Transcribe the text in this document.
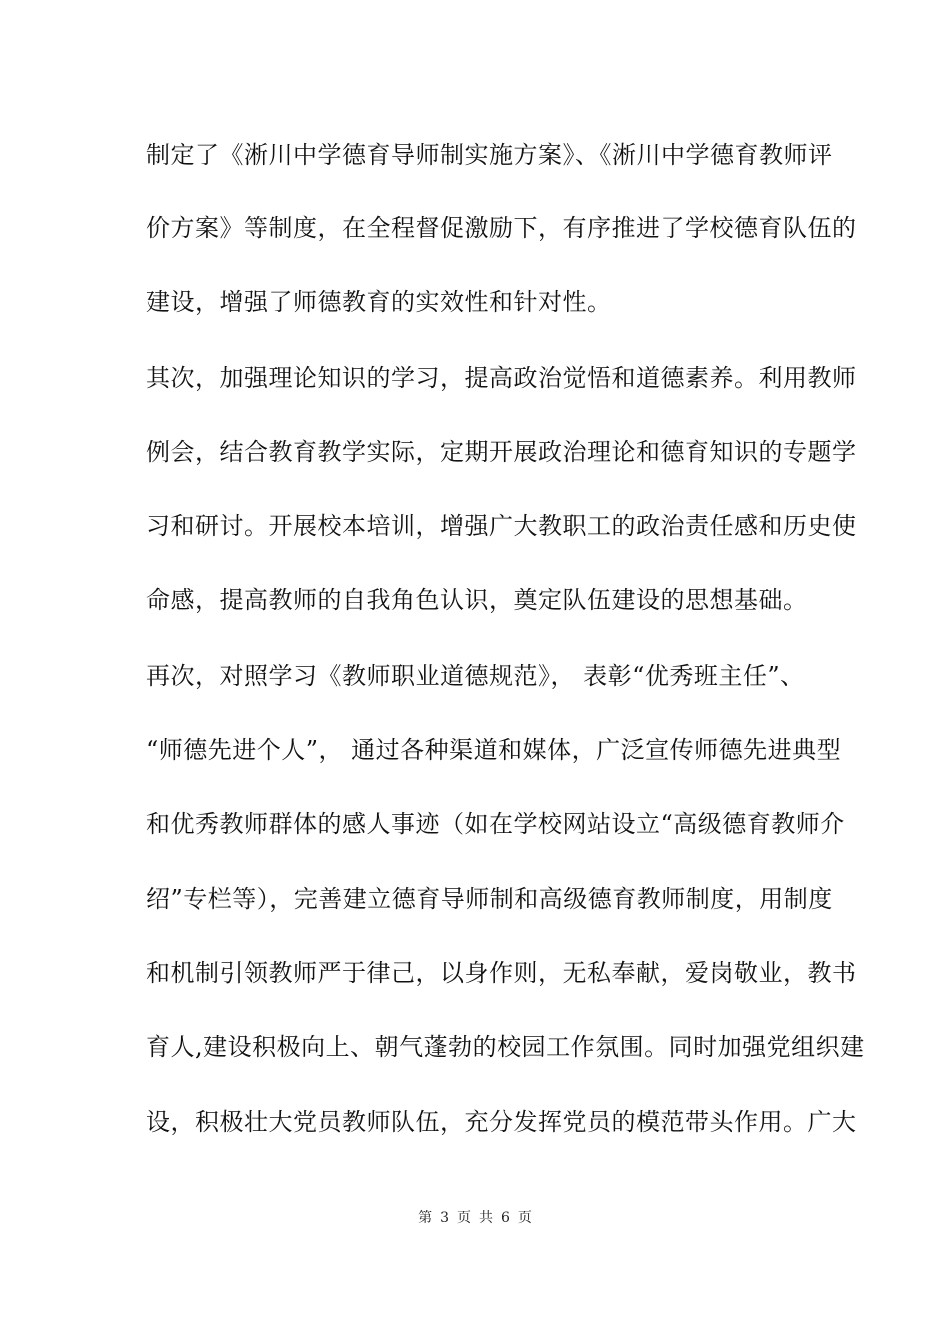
制定了《淅川中学德育导师制实施方案》、《淅川中学德育教师评
价方案》等制度，在全程督促激励下，有序推进了学校德育队伍的
建设，增强了师德教育的实效性和针对性。
其次，加强理论知识的学习，提高政治觉悟和道德素养。利用教师
例会，结合教育教学实际，定期开展政治理论和德育知识的专题学
习和研讨。开展校本培训，增强广大教职工的政治责任感和历史使
命感，提高教师的自我角色认识，奠定队伍建设的思想基础。
再次，对照学习《教师职业道德规范》， 表彰“优秀班主任”、
“师德先进个人”， 通过各种渠道和媒体，广泛宣传师德先进典型
和优秀教师群体的感人事迹（如在学校网站设立“高级德育教师介
绍”专栏等），完善建立德育导师制和高级德育教师制度，用制度
和机制引领教师严于律己，以身作则，无私奉献，爱岗敬业，教书
育人,建设积极向上、朝气蓬勃的校园工作氛围。同时加强党组织建
设，积极壮大党员教师队伍，充分发挥党员的模范带头作用。广大
第 3 页 共 6 页
